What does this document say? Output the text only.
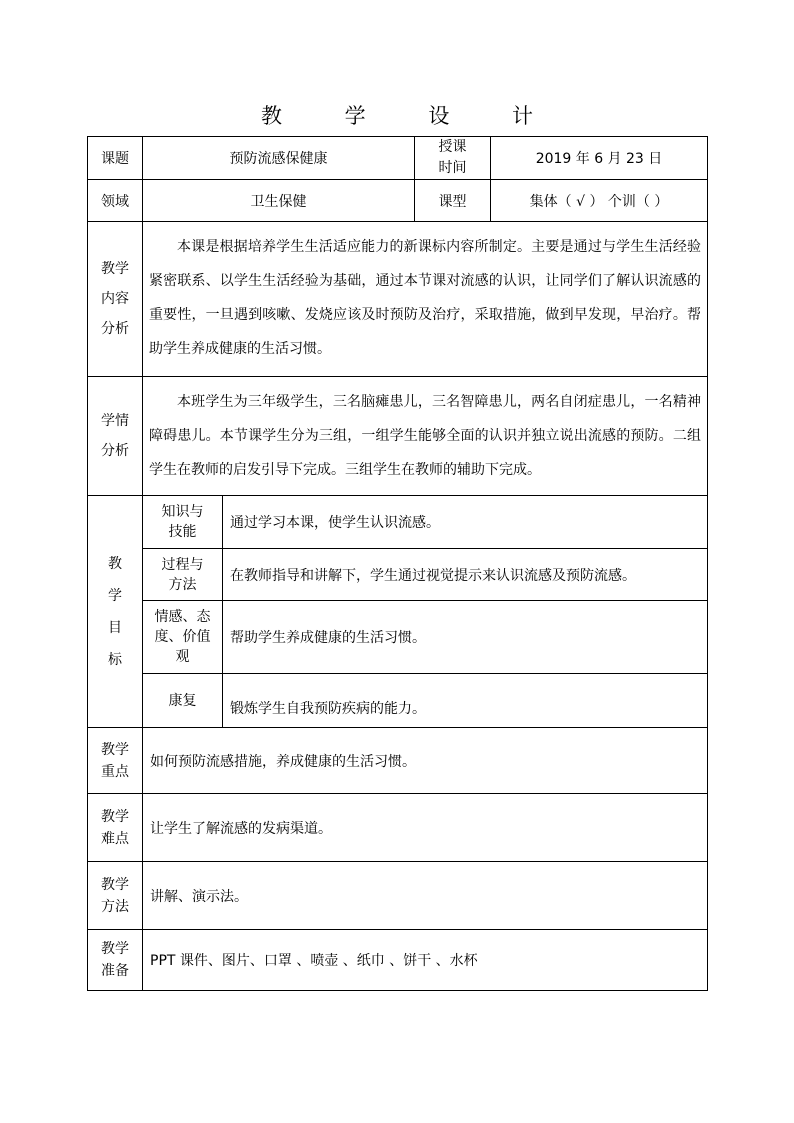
教 学 设 计
课题	预防流感保健康		授课时间	2019 年 6 月 23 日
领域	卫生保健		课型	集体（ √ ） 个训（ ）
教学内容分析	本课是根据培养学生生活适应能力的新课标内容所制定。主要是通过与学生生活经验紧密联系、以学生生活经验为基础，通过本节课对流感的认识，让同学们了解认识流感的重要性，一旦遇到咳嗽、发烧应该及时预防及治疗，采取措施，做到早发现，早治疗。帮助学生养成健康的生活习惯。			
学情分析	本班学生为三年级学生，三名脑瘫患儿，三名智障患儿，两名自闭症患儿，一名精神障碍患儿。本节课学生分为三组，一组学生能够全面的认识并独立说出流感的预防。二组学生在教师的启发引导下完成。三组学生在教师的辅助下完成。			

教
学
目
标	知识与技能	通过学习本课，使学生认识流感。		
	过程与方法	在教师指导和讲解下，学生通过视觉提示来认识流感及预防流感。		
	情感、态度、价值观	帮助学生养成健康的生活习惯。		
	康复	锻炼学生自我预防疾病的能力。		
教学重点	如何预防流感措施，养成健康的生活习惯。			
教学难点	让学生了解流感的发病渠道。			
教学方法	讲解、演示法。			
教学准备	PPT 课件、图片、口罩 、喷壶 、纸巾 、饼干 、水杯			
